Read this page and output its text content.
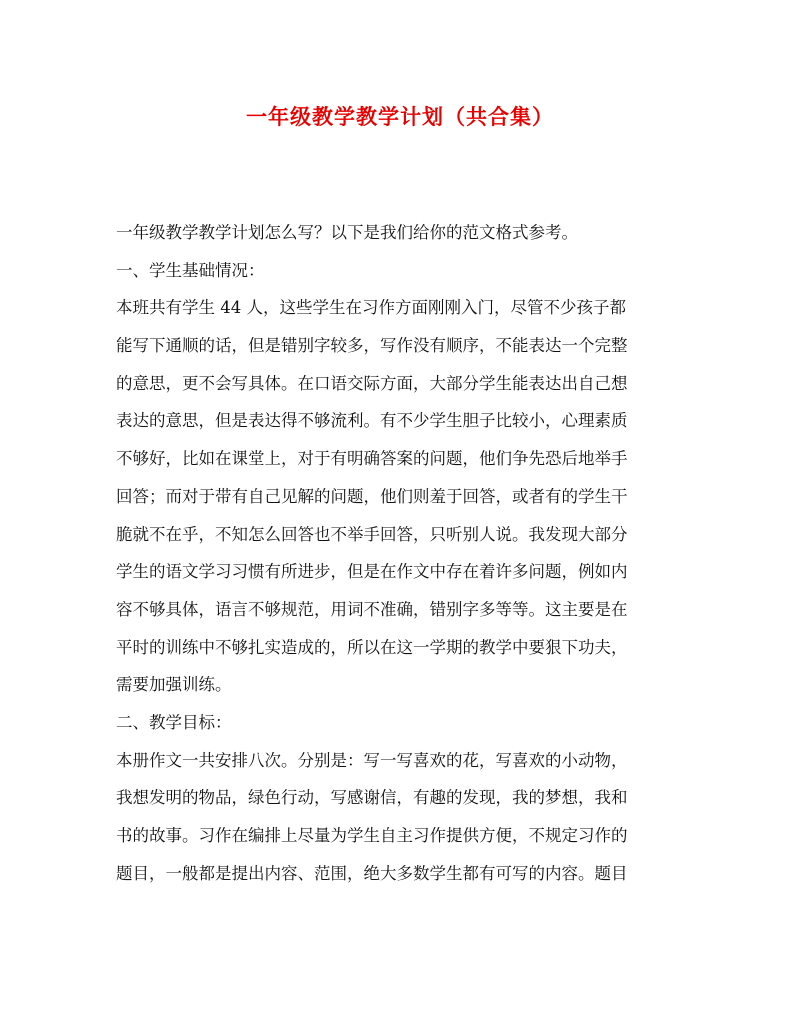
一年级教学教学计划（共合集）
一年级教学教学计划怎么写？以下是我们给你的范文格式参考。
一、学生基础情况：
本班共有学生 44 人，这些学生在习作方面刚刚入门，尽管不少孩子都
能写下通顺的话，但是错别字较多，写作没有顺序，不能表达一个完整
的意思，更不会写具体。在口语交际方面，大部分学生能表达出自己想
表达的意思，但是表达得不够流利。有不少学生胆子比较小，心理素质
不够好，比如在课堂上，对于有明确答案的问题，他们争先恐后地举手
回答；而对于带有自己见解的问题，他们则羞于回答，或者有的学生干
脆就不在乎，不知怎么回答也不举手回答，只听别人说。我发现大部分
学生的语文学习习惯有所进步，但是在作文中存在着许多问题，例如内
容不够具体，语言不够规范，用词不准确，错别字多等等。这主要是在
平时的训练中不够扎实造成的，所以在这一学期的教学中要狠下功夫，
需要加强训练。
二、教学目标：
本册作文一共安排八次。分别是：写一写喜欢的花，写喜欢的小动物，
我想发明的物品，绿色行动，写感谢信，有趣的发现，我的梦想，我和
书的故事。习作在编排上尽量为学生自主习作提供方便，不规定习作的
题目，一般都是提出内容、范围，绝大多数学生都有可写的内容。题目
